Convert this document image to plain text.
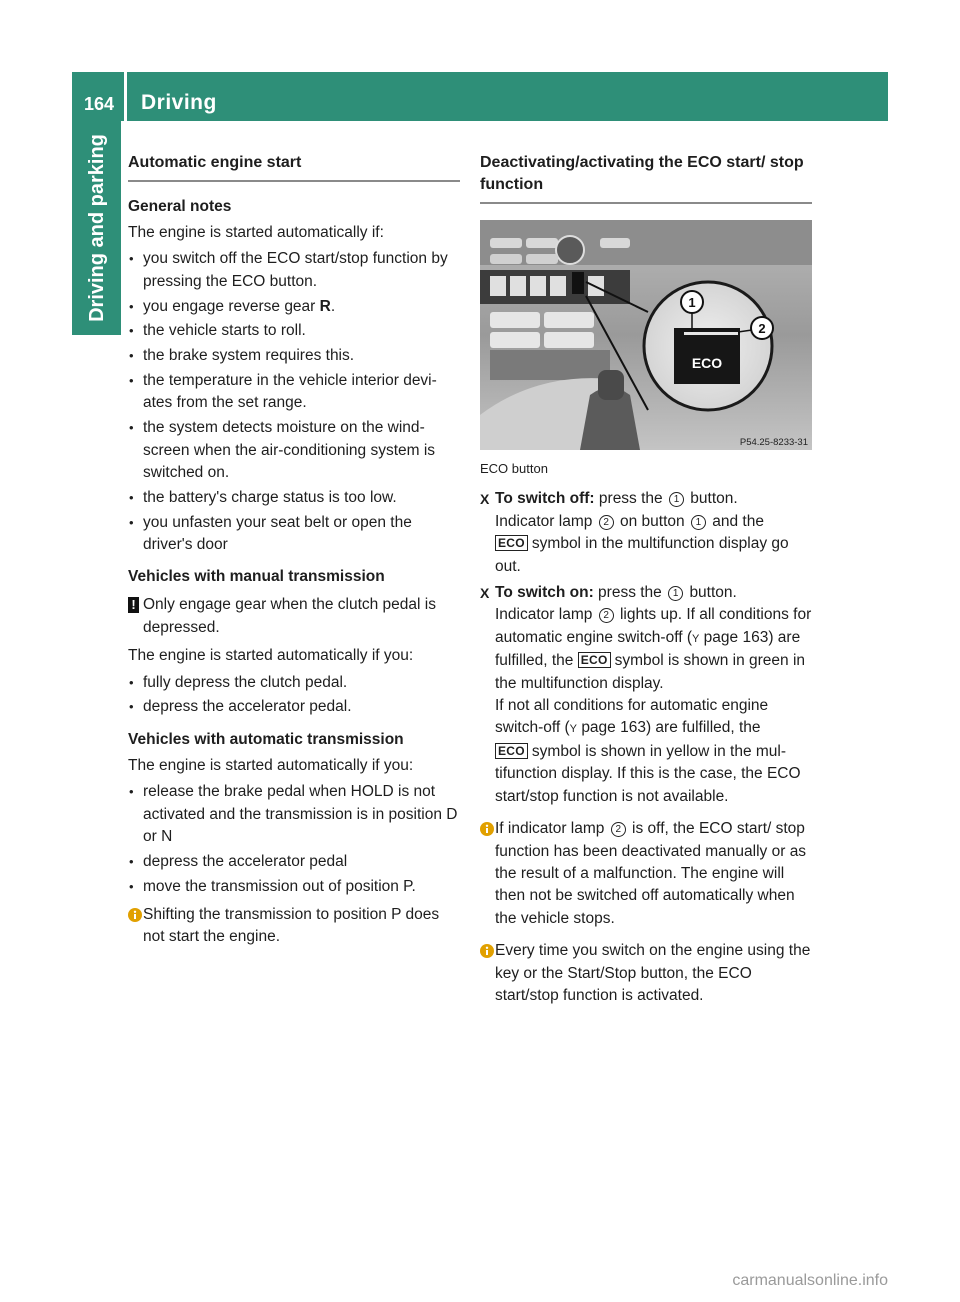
164 Driving
Driving and parking Automatic engine start
General notes

The engine is started automatically if:

• you switch off the ECO start/stop function by pressing the ECO button.
• you engage reverse gear R.
• the vehicle starts to roll.
• the brake system requires this.
• the temperature in the vehicle interior deviates from the set range.
• the system detects moisture on the windscreen when the air-conditioning system is switched on.
• the battery's charge status is too low.
• you unfasten your seat belt or open the driver's door
Vehicles with manual transmission
! Only engage gear when the clutch pedal is depressed.

The engine is started automatically if you:

• fully depress the clutch pedal.
• depress the accelerator pedal.
Vehicles with automatic transmission

The engine is started automatically if you:

• release the brake pedal when HOLD is not activated and the transmission is in position D or N
• depress the accelerator pedal
• move the transmission out of position P.
Shifting the transmission to position P does not start the engine.
Deactivating/activating the ECO start/ stop function
ECO
1
2
P54.25-8233-31

ECO button

X To switch off: press the 1 button.
Indicator lamp 2 on button 1 and the
ECO symbol in the multifunction display go out.
X To switch on: press the 1 button.
Indicator lamp 2 lights up. If all conditions for automatic engine switch-off (Y page 163) are fulfilled, the ECO symbol is shown in green in the multifunction display.
If not all conditions for automatic engine switch-off (Y page 163) are fulfilled, the
ECO symbol is shown in yellow in the multifunction display. If this is the case, the ECO start/stop function is not available.
If indicator lamp 2 is off, the ECO start/ stop function has been deactivated manually or as the result of a malfunction. The engine will then not be switched off automatically when the vehicle stops.
Every time you switch on the engine using the key or the Start/Stop button, the ECO start/stop function is activated.
carmanualsonline.info
